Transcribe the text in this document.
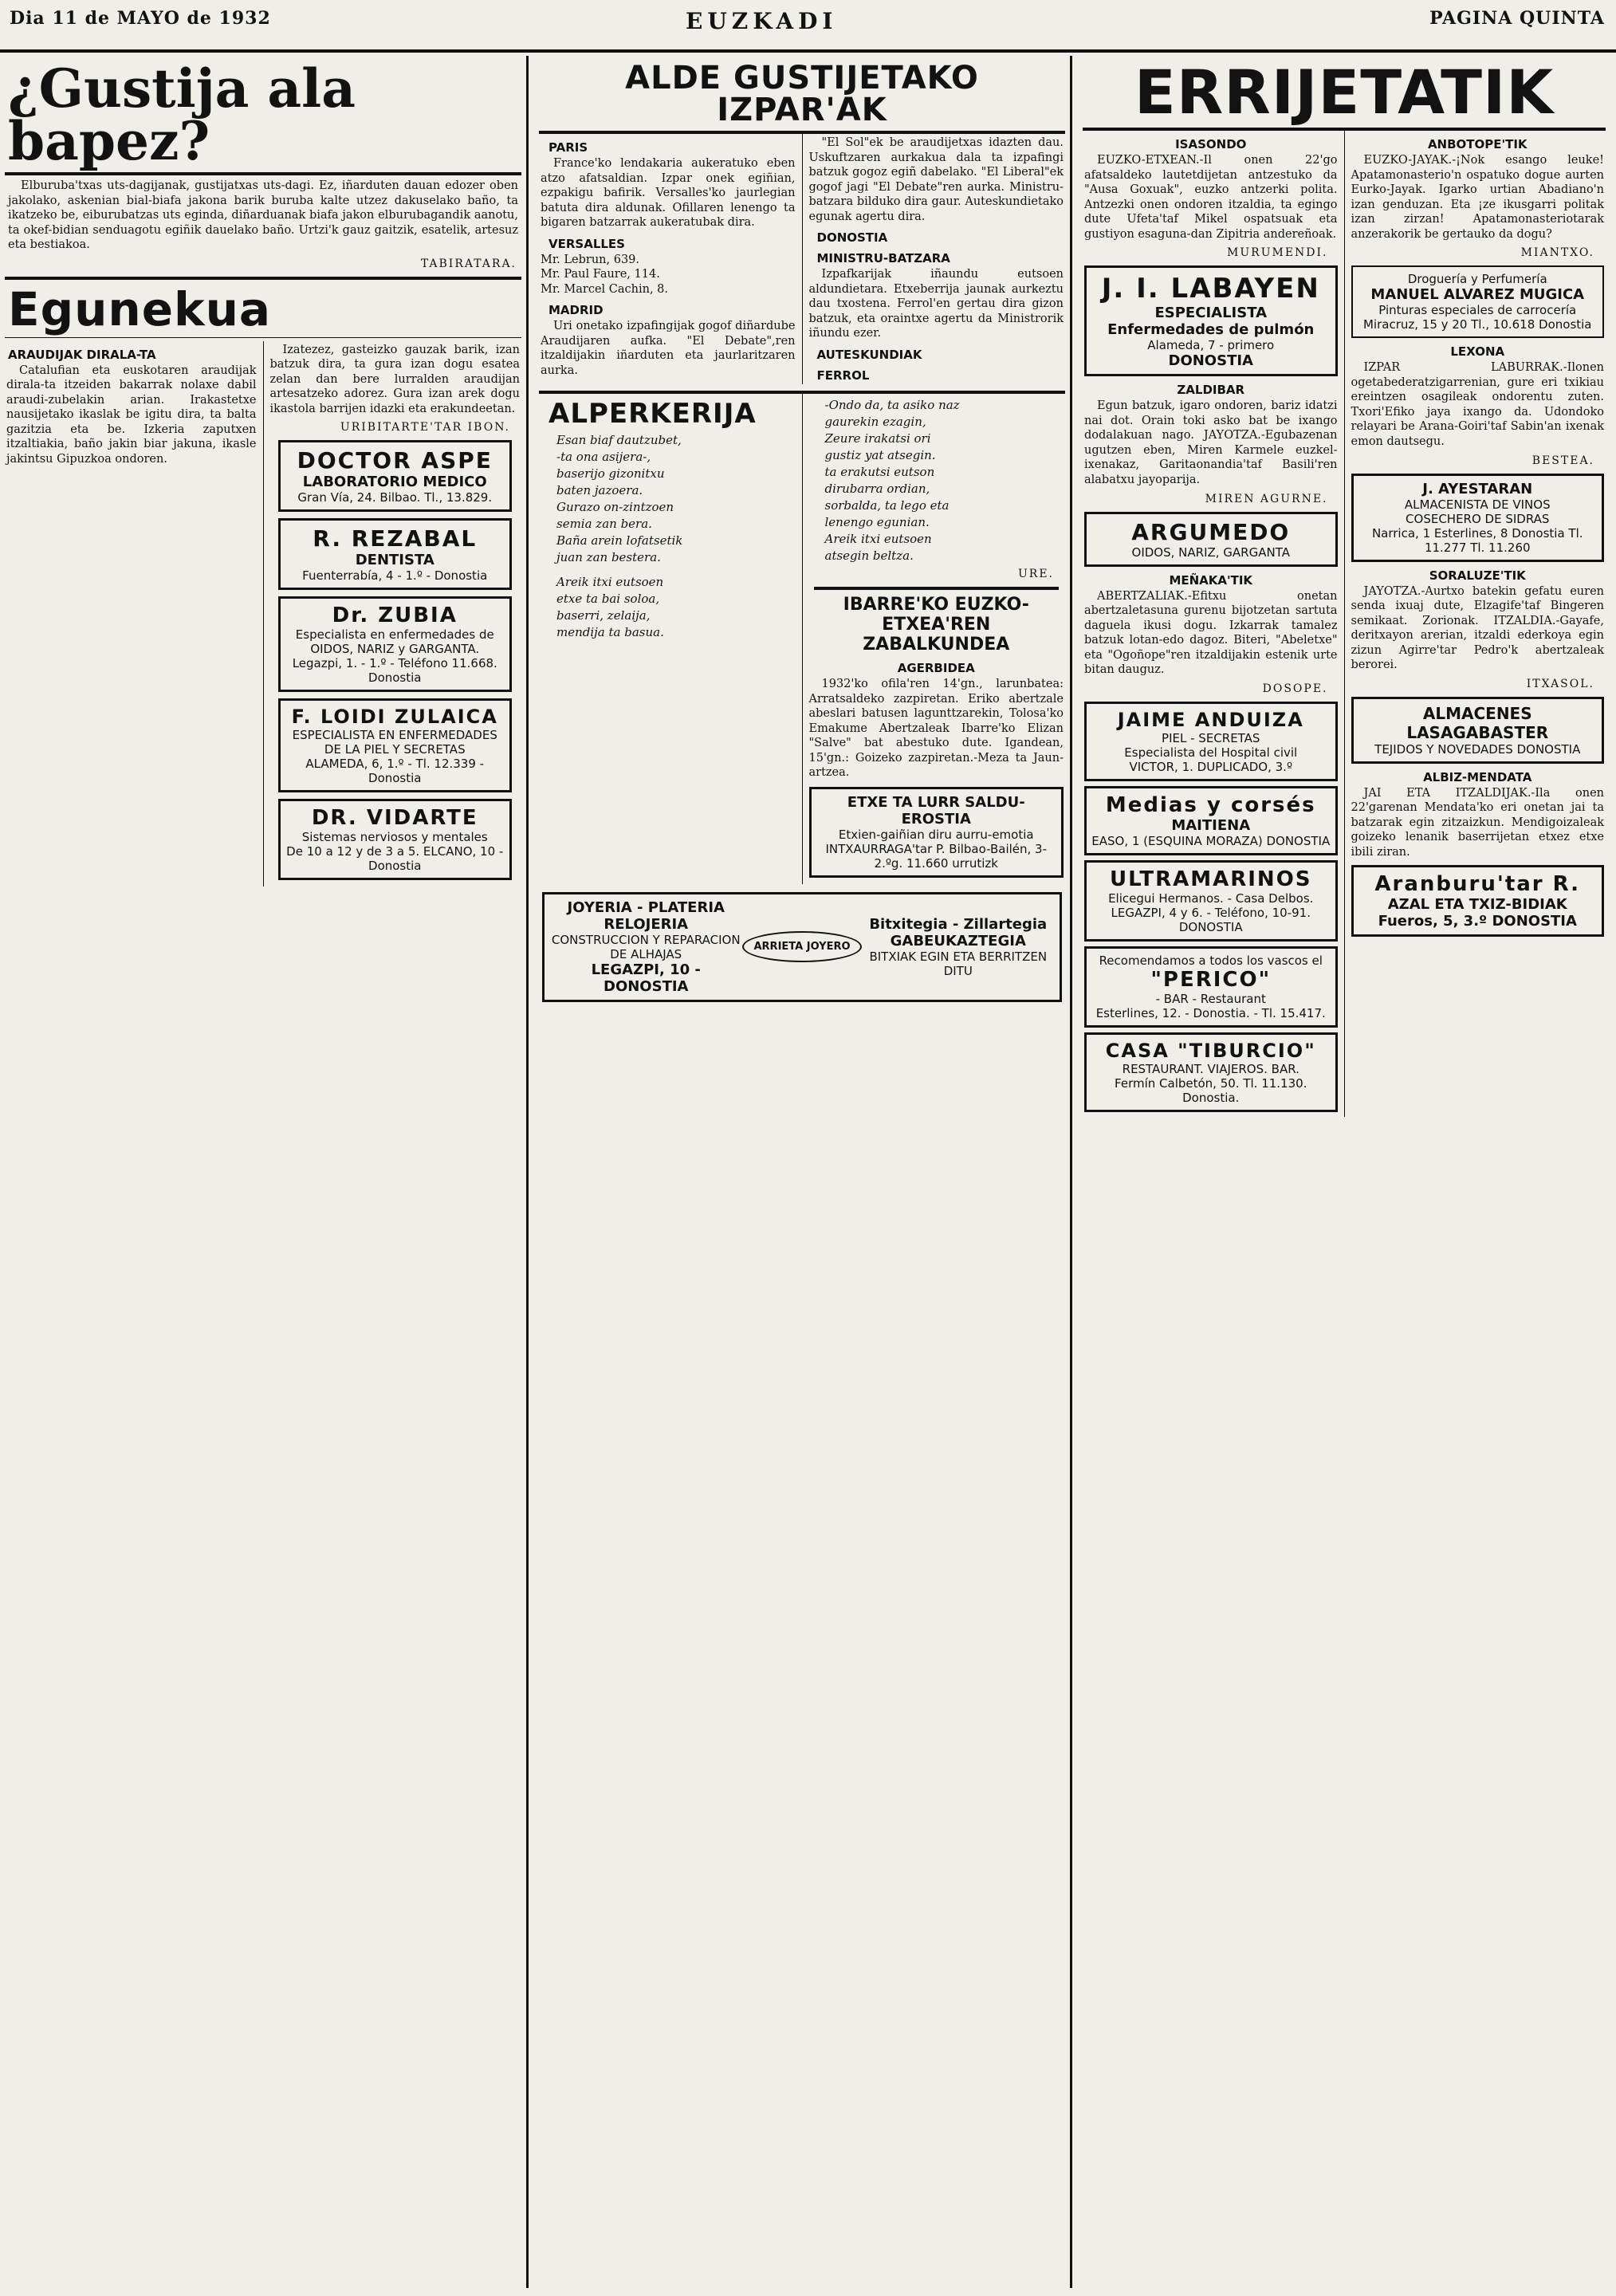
Dia 11 de MAYO de 1932	EUZKADI	PAGINA QUINTA
¿Gustija ala bapez?

Elburuba'txas uts-dagijanak, gustijatxas uts-dagi. Ez, iñarduten dauan edozer oben jakolako, askenian bial-biafa jakona barik buruba kalte utzez dakuselako baño, ta ikatzeko be, eiburubatzas uts eginda, diñarduanak biafa jakon elburubagandik aanotu, ta okef-bidian senduagotu egiñik dauelako baño. Urtzi'k gauz gaitzik, esatelik, artesuz eta bestiakoa.

TABIRATARA.
Egunekua
ARAUDIJAK DIRALA-TA

Catalufian eta euskotaren araudijak dirala-ta itzeiden bakarrak nolaxe dabil araudi-zubelakin arian. Irakastetxe nausijetako ikaslak be igitu dira, ta balta gazitzia eta be. Izkeria zaputxen itzaltiakia, baño jakin biar jakuna, ikasle jakintsu Gipuzkoa ondoren.

Izatezez, gasteizko gauzak barik, izan batzuk dira, ta gura izan dogu esatea zelan dan bere lurralden araudijan artesatzeko adorez. Gura izan arek dogu ikastola barrijen idazki eta erakundeetan.

URIBITARTE'TAR IBON.
DOCTOR ASPE
LABORATORIO MEDICO
Gran Vía, 24. Bilbao. Tl., 13.829.
R. REZABAL
DENTISTA
Fuenterrabía, 4 - 1.º - Donostia
Dr. ZUBIA
Especialista en enfermedades de OIDOS, NARIZ y GARGANTA.
Legazpi, 1. - 1.º - Teléfono 11.668. Donostia
F. LOIDI ZULAICA
ESPECIALISTA EN ENFERMEDADES DE LA PIEL Y SECRETAS
ALAMEDA, 6, 1.º - Tl. 12.339 - Donostia
DR. VIDARTE
Sistemas nerviosos y mentales
De 10 a 12 y de 3 a 5. ELCANO, 10 - Donostia
ALDE GUSTIJETAKO IZPAR'AK
PARIS

France'ko lendakaria aukeratuko eben atzo afatsaldian. Izpar onek egiñian, ezpakigu bafirik. Versalles'ko jaurlegian batuta dira aldunak. Ofillaren lenengo ta bigaren batzarrak aukeratubak dira.

VERSALLES
Mr. Lebrun, 639.
Mr. Paul Faure, 114.
Mr. Marcel Cachin, 8.
MADRID

Uri onetako izpafingijak gogof diñardube Araudijaren aufka. "El Debate",ren itzaldijakin iñarduten eta jaurlaritzaren aurka.

"El Sol"ek be araudijetxas idazten dau. Uskuftzaren aurkakua dala ta izpafingi batzuk gogoz egiñ dabelako. "El Liberal"ek gogof jagi "El Debate"ren aurka. Ministru-batzara bilduko dira gaur. Auteskundietako egunak agertu dira.

DONOSTIA
MINISTRU-BATZARA

Izpafkarijak iñaundu eutsoen aldundietara. Etxeberrija jaunak aurkeztu dau txostena. Ferrol'en gertau dira gizon batzuk, eta oraintxe agertu da Ministrorik iñundu ezer.

AUTESKUNDIAK
FERROL
ALPERKERIJA
Esan biaf dautzubet,
-ta ona asijera-,
baserijo gizonitxu
baten jazoera.
Gurazo on-zintzoen
semia zan bera.
Baña arein lofatsetik
juan zan bestera.
Areik itxi eutsoen
etxe ta bai soloa,
baserri, zelaija,
mendija ta basua.
-Ondo da, ta asiko naz
gaurekin ezagin,
Zeure irakatsi ori
gustiz yat atsegin.
ta erakutsi eutson
dirubarra ordian,
sorbalda, ta lego eta
lenengo egunian.
Areik itxi eutsoen
atsegin beltza.
URE.
IBARRE'KO EUZKO-ETXEA'REN ZABALKUNDEA
AGERBIDEA

1932'ko ofila'ren 14'gn., larunbatea: Arratsaldeko zazpiretan. Eriko abertzale abeslari batusen lagunttzarekin, Tolosa'ko Emakume Abertzaleak Ibarre'ko Elizan "Salve" bat abestuko dute. Igandean, 15'gn.: Goizeko zazpiretan.-Meza ta Jaun-artzea.

ETXE TA LURR SALDU-EROSTIA
Etxien-gaiñian diru aurru-emotia
INTXAURRAGA'tar P. Bilbao-Bailén, 3-2.ºg. 11.660 urrutizk
JOYERIA - PLATERIA RELOJERIA
CONSTRUCCION Y REPARACION DE ALHAJAS
LEGAZPI, 10 - DONOSTIA
ARRIETA JOYERO
Bitxitegia - Zillartegia GABEUKAZTEGIA
BITXIAK EGIN ETA BERRITZEN DITU
ERRIJETATIK
ISASONDO

EUZKO-ETXEAN.-Il onen 22'go afatsaldeko lautetdijetan antzestuko da "Ausa Goxuak", euzko antzerki polita. Antzezki onen ondoren itzaldia, ta egingo dute Ufeta'taf Mikel ospatsuak eta gustiyon esaguna-dan Zipitria andereñoak.

MURUMENDI.
J. I. LABAYEN
ESPECIALISTA
Enfermedades de pulmón
Alameda, 7 - primero
DONOSTIA
ZALDIBAR

Egun batzuk, igaro ondoren, bariz idatzi nai dot. Orain toki asko bat be ixango dodalakuan nago. JAYOTZA.-Egubazenan ugutzen eben, Miren Karmele euzkel-ixenakaz, Garitaonandia'taf Basili'ren alabatxu jayoparija.

MIREN AGURNE.
ARGUMEDO
OIDOS, NARIZ, GARGANTA
MEÑAKA'TIK

ABERTZALIAK.-Efitxu onetan abertzaletasuna gurenu bijotzetan sartuta daguela ikusi dogu. Izkarrak tamalez batzuk lotan-edo dagoz. Biteri, "Abeletxe" eta "Ogoñope"ren itzaldijakin estenik urte bitan dauguz.

DOSOPE.
JAIME ANDUIZA
PIEL - SECRETAS
Especialista del Hospital civil
VICTOR, 1. DUPLICADO, 3.º
Medias y corsés
MAITIENA
EASO, 1 (ESQUINA MORAZA) DONOSTIA
ULTRAMARINOS
Elicegui Hermanos. - Casa Delbos.
LEGAZPI, 4 y 6. - Teléfono, 10-91. DONOSTIA
Recomendamos a todos los vascos el
"PERICO"
- BAR - Restaurant
Esterlines, 12. - Donostia. - Tl. 15.417.
CASA "TIBURCIO"
RESTAURANT. VIAJEROS. BAR.
Fermín Calbetón, 50. Tl. 11.130. Donostia.
ANBOTOPE'TIK

EUZKO-JAYAK.-¡Nok esango leuke! Apatamonasterio'n ospatuko dogue aurten Eurko-Jayak. Igarko urtian Abadiano'n izan genduzan. Eta ¡ze ikusgarri politak izan zirzan! Apatamonasteriotarak anzerakorik be gertauko da dogu?

MIANTXO.
Droguería y Perfumería
MANUEL ALVAREZ MUGICA
Pinturas especiales de carrocería
Miracruz, 15 y 20 Tl., 10.618 Donostia
LEXONA

IZPAR LABURRAK.-Ilonen ogetabederatzigarrenian, gure eri txikiau ereintzen osagileak ondorentu zuten. Txori'Efiko jaya ixango da. Udondoko relayari be Arana-Goiri'taf Sabin'an ixenak emon dautsegu.

BESTEA.
J. AYESTARAN
ALMACENISTA DE VINOS
COSECHERO DE SIDRAS
Narrica, 1 Esterlines, 8 Donostia Tl. 11.277 Tl. 11.260
SORALUZE'TIK

JAYOTZA.-Aurtxo batekin gefatu euren senda ixuaj dute, Elzagife'taf Bingeren semikaat. Zorionak. ITZALDIA.-Gayafe, deritxayon arerian, itzaldi ederkoya egin zizun Agirre'tar Pedro'k abertzaleak berorei.

ITXASOL.
ALMACENES LASAGABASTER
TEJIDOS Y NOVEDADES DONOSTIA
ALBIZ-MENDATA

JAI ETA ITZALDIJAK.-Ila onen 22'garenan Mendata'ko eri onetan jai ta batzarak egin zitzaizkun. Mendigoizaleak goizeko lenanik baserrijetan etxez etxe ibili ziran.

Aranburu'tar R.
AZAL ETA TXIZ-BIDIAK
Fueros, 5, 3.º DONOSTIA
